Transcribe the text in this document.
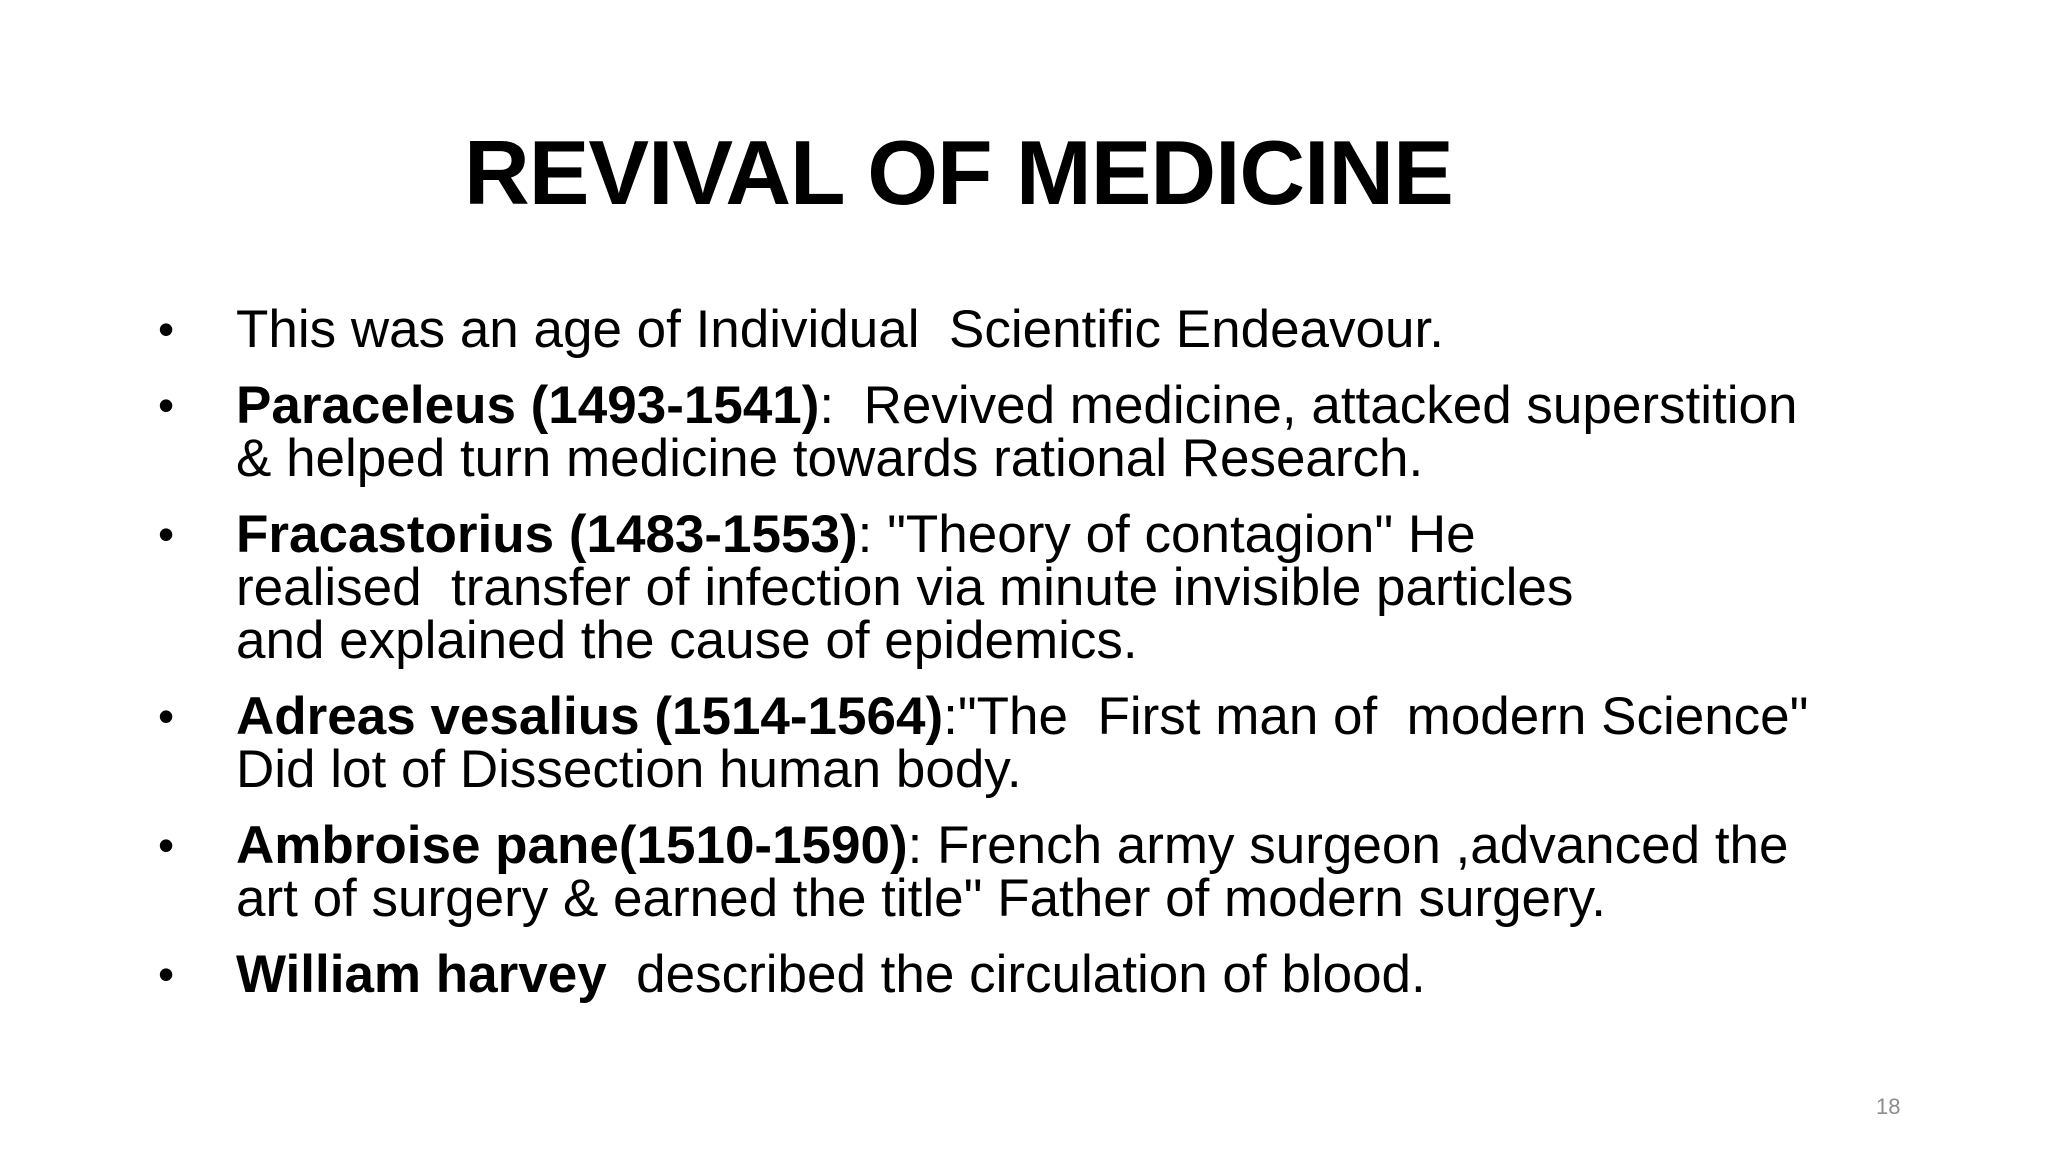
REVIVAL OF MEDICINE
•	This was an age of Individual  Scientific Endeavour.
•	Paraceleus (1493-1541):  Revived medicine, attacked superstition
& helped turn medicine towards rational Research.
•	Fracastorius (1483-1553): "Theory of contagion" He
realised  transfer of infection via minute invisible particles
and explained the cause of epidemics.
•	Adreas vesalius (1514-1564):"The  First man of  modern Science"
Did lot of Dissection human body.
•	Ambroise pane(1510-1590): French army surgeon ,advanced the
art of surgery & earned the title" Father of modern surgery.
•	William harvey  described the circulation of blood.
18
